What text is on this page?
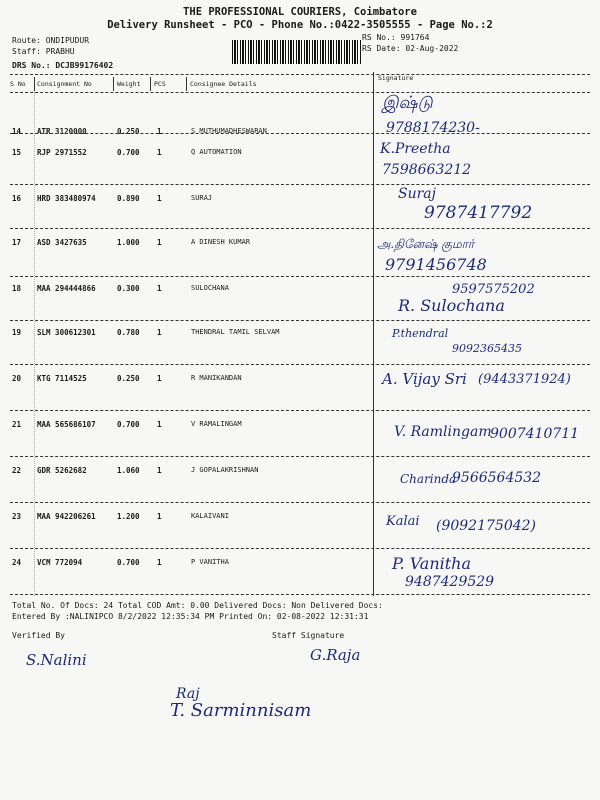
THE PROFESSIONAL COURIERS, Coimbatore
Delivery Runsheet - PCO - Phone No.:0422-3505555 - Page No.:2
Route: ONDIPUDUR
Staff: PRABHU
DRS No.: DCJB99176402
RS No.: 991764
RS Date: 02-Aug-2022
S No Consignment No	Weight PCS	Consignee Details
Signature
14 ATR 3120000	0.250 1	S MUTHUMADHESWARAN
இஷ்டு
9788174230-
15 RJP 2971552	0.700 1	Q AUTOMATION	K.Preetha
7598663212
16 HRD 383480974	0.890 1	SURAJ	Suraj
9787417792
17 ASD 3427635	1.000 1	A DINESH KUMAR	அ.தினேஷ் குமார்
9791456748
18 MAA 294444866	0.300 1	SULOCHANA	9597575202
R. Sulochana
19 SLM 300612301	0.780 1	THENDRAL TAMIL SELVAM	P.thendral
9092365435
20 KTG 7114525	0.250 1	R MANIKANDAN	A. Vijay Sri (9443371924)
21 MAA 565686107	0.700 1	V RAMALINGAM	V. Ramlingam
9007410711
22 GDR 5262682	1.060 1	J GOPALAKRISHNAN
Charinda
9566564532
23 MAA 942206261	1.200 1	KALAIVANI	Kalai (9092175042)
24 VCM 772094	0.700 1	P VANITHA	P. Vanitha
9487429529
Total No. Of Docs: 24 Total COD Amt: 0.00 Delivered Docs: Non Delivered Docs:
Entered By :NALINIPCO 8/2/2022 12:35:34 PM Printed On: 02-08-2022 12:31:31
Verified By	Staff Signature
S.Nalini	G.Raja
Raj
T. Sarminnisam
